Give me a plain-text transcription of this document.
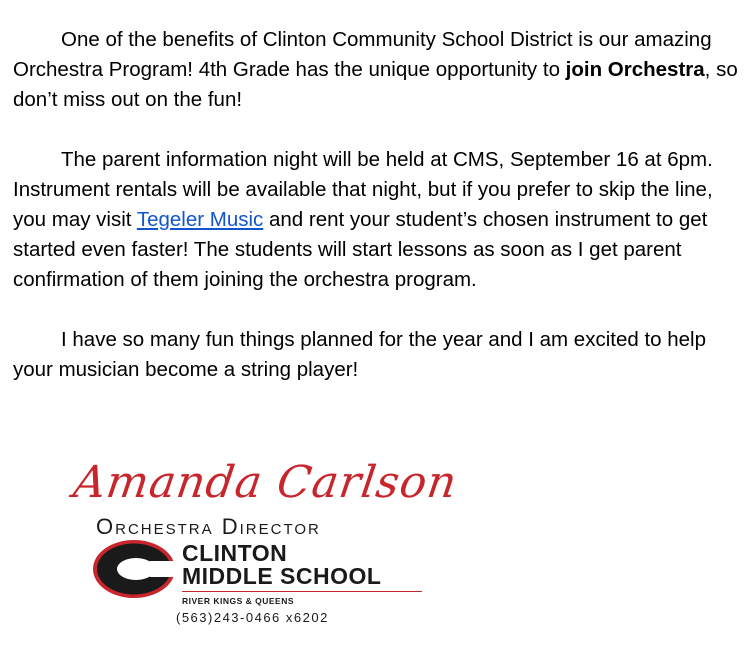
One of the benefits of Clinton Community School District is our amazing Orchestra Program! 4th Grade has the unique opportunity to join Orchestra, so don’t miss out on the fun!

The parent information night will be held at CMS, September 16 at 6pm. Instrument rentals will be available that night, but if you prefer to skip the line, you may visit Tegeler Music and rent your student’s chosen instrument to get started even faster! The students will start lessons as soon as I get parent confirmation of them joining the orchestra program.

I have so many fun things planned for the year and I am excited to help your musician become a string player!

Amanda Carlson
Orchestra Director
CLINTON
MIDDLE SCHOOL
RIVER KINGS & QUEENS
(563)243-0466 x6202
